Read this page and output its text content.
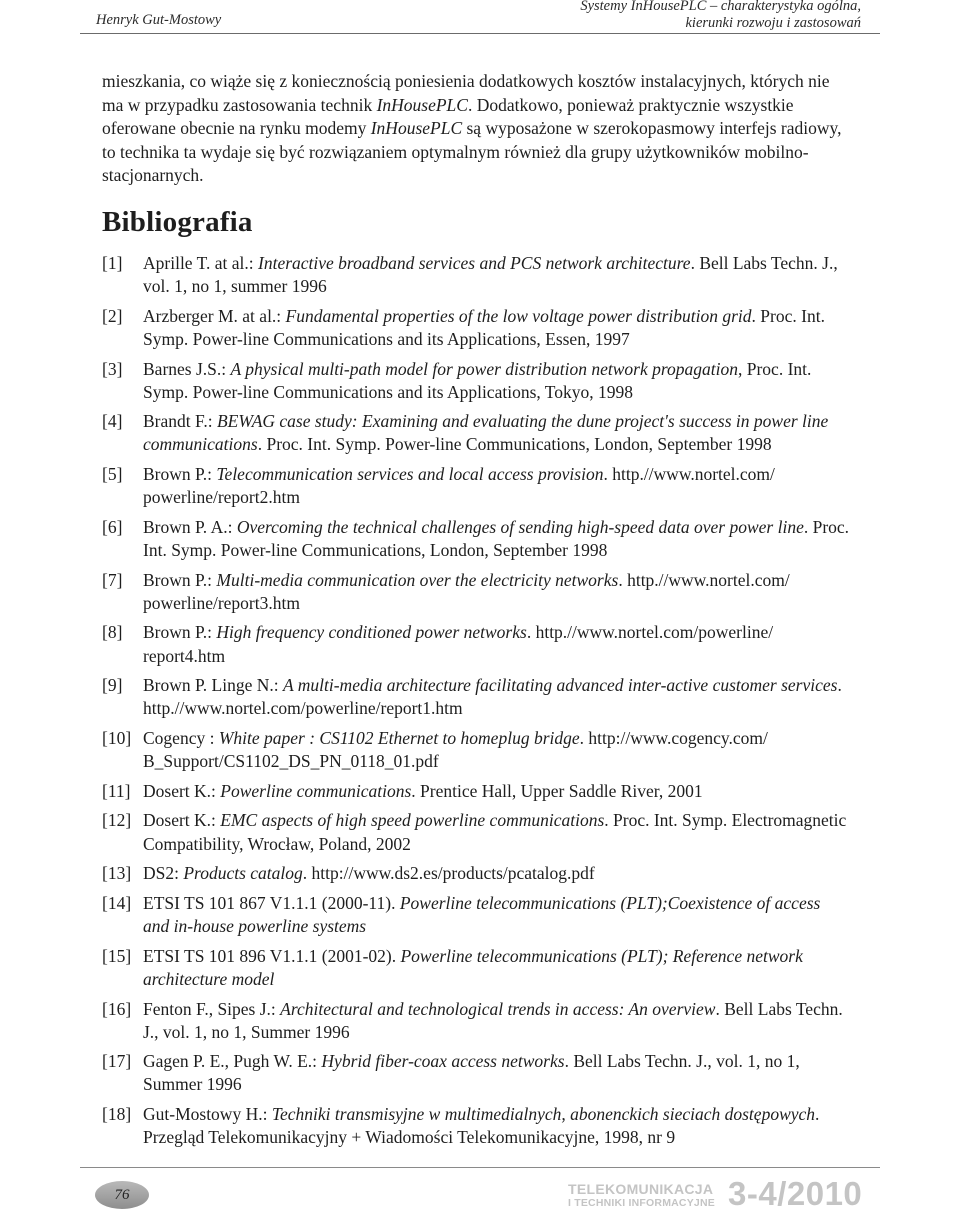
Henryk Gut-Mostowy
Systemy InHousePLC – charakterystyka ogólna,
kierunki rozwoju i zastosowań

mieszkania, co wiąże się z koniecznością poniesienia dodatkowych kosztów instalacyjnych, których nie ma w przypadku zastosowania technik InHousePLC. Dodatkowo, ponieważ praktycznie wszystkie oferowane obecnie na rynku modemy InHousePLC są wyposażone w szerokopasmowy interfejs radiowy, to technika ta wydaje się być rozwiązaniem optymalnym również dla grupy użytkowników mobilno-stacjonarnych.

Bibliografia
[1]	Aprille T. at al.: Interactive broadband services and PCS network architecture. Bell Labs Techn. J., vol. 1, no 1, summer 1996
[2]	Arzberger M. at al.: Fundamental properties of the low voltage power distribution grid. Proc. Int. Symp. Power-line Communications and its Applications, Essen, 1997
[3]	Barnes J.S.: A physical multi-path model for power distribution network propagation, Proc. Int. Symp. Power-line Communications and its Applications, Tokyo, 1998
[4]	Brandt F.: BEWAG case study: Examining and evaluating the dune project's success in power line communications. Proc. Int. Symp. Power-line Communications, London, September 1998
[5]	Brown P.: Telecommunication services and local access provision. http.//www.nortel.com/ powerline/report2.htm
[6]	Brown P. A.: Overcoming the technical challenges of sending high-speed data over power line. Proc. Int. Symp. Power-line Communications, London, September 1998
[7]	Brown P.: Multi-media communication over the electricity networks. http.//www.nortel.com/ powerline/report3.htm
[8]	Brown P.: High frequency conditioned power networks. http.//www.nortel.com/powerline/ report4.htm
[9]	Brown P. Linge N.: A multi-media architecture facilitating advanced inter-active customer services. http.//www.nortel.com/powerline/report1.htm
[10] Cogency : White paper : CS1102 Ethernet to homeplug bridge. http://www.cogency.com/ B_Support/CS1102_DS_PN_0118_01.pdf
[11] Dosert K.: Powerline communications. Prentice Hall, Upper Saddle River, 2001
[12] Dosert K.: EMC aspects of high speed powerline communications. Proc. Int. Symp. Electromagnetic Compatibility, Wrocław, Poland, 2002
[13] DS2: Products catalog. http://www.ds2.es/products/pcatalog.pdf
[14] ETSI TS 101 867 V1.1.1 (2000-11). Powerline telecommunications (PLT);Coexistence of access and in-house powerline systems
[15] ETSI TS 101 896 V1.1.1 (2001-02). Powerline telecommunications (PLT); Reference network architecture model
[16] Fenton F., Sipes J.: Architectural and technological trends in access: An overview. Bell Labs Techn. J., vol. 1, no 1, Summer 1996
[17] Gagen P. E., Pugh W. E.: Hybrid fiber-coax access networks. Bell Labs Techn. J., vol. 1, no 1, Summer 1996
[18] Gut-Mostowy H.: Techniki transmisyjne w multimedialnych, abonenckich sieciach dostępowych. Przegląd Telekomunikacyjny + Wiadomości Telekomunikacyjne, 1998, nr 9
76	TELEKOMUNIKACJA
I TECHNIKI INFORMACYJNE 3-4/2010
